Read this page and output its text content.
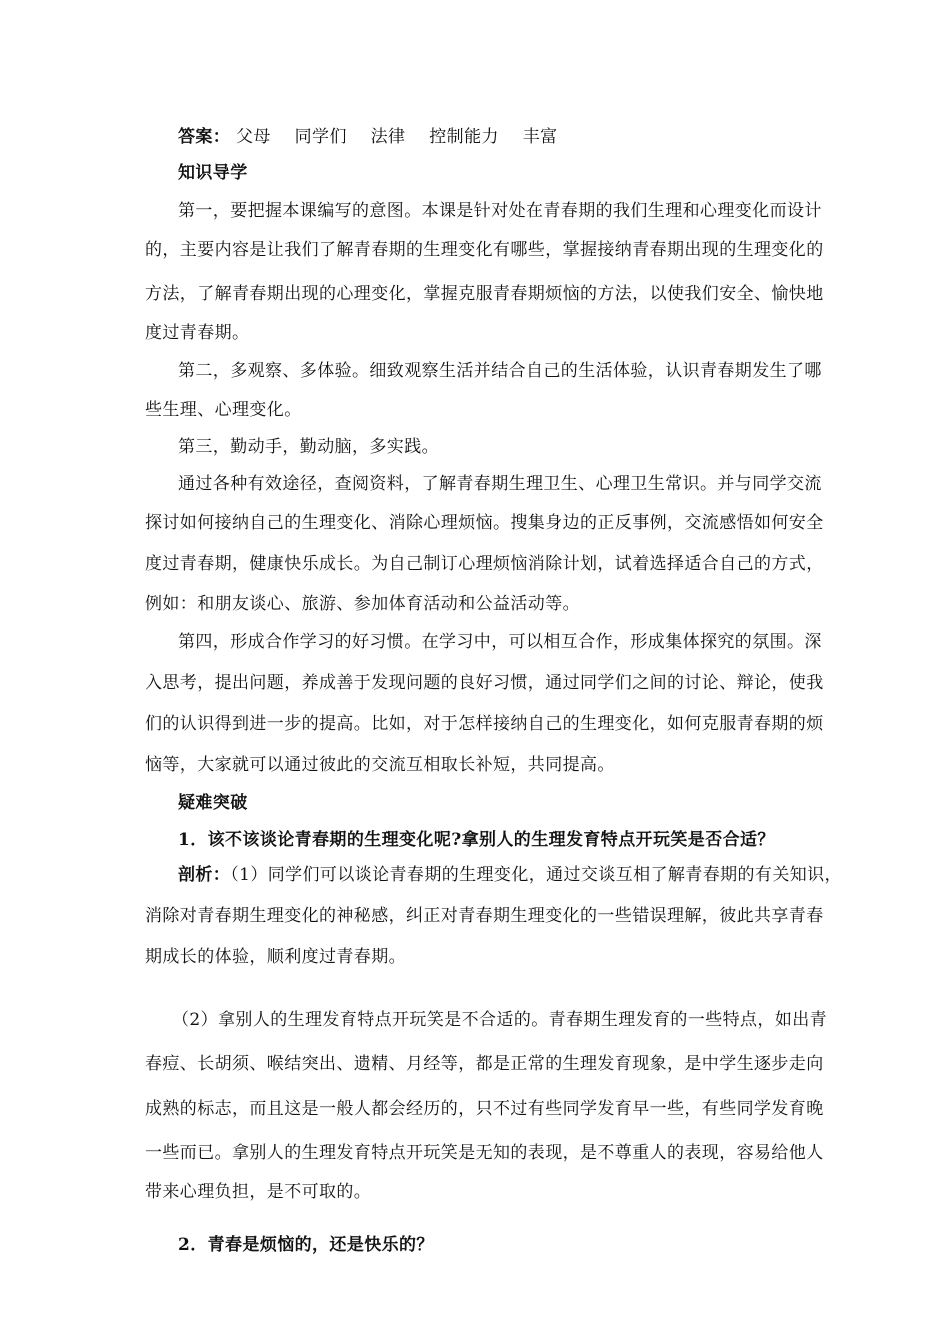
答案： 父母 同学们 法律 控制能力 丰富
知识导学
第一，要把握本课编写的意图。本课是针对处在青春期的我们生理和心理变化而设计
的，主要内容是让我们了解青春期的生理变化有哪些，掌握接纳青春期出现的生理变化的
方法，了解青春期出现的心理变化，掌握克服青春期烦恼的方法，以使我们安全、愉快地
度过青春期。
第二，多观察、多体验。细致观察生活并结合自己的生活体验，认识青春期发生了哪
些生理、心理变化。
第三，勤动手，勤动脑，多实践。
通过各种有效途径，查阅资料，了解青春期生理卫生、心理卫生常识。并与同学交流
探讨如何接纳自己的生理变化、消除心理烦恼。搜集身边的正反事例，交流感悟如何安全
度过青春期，健康快乐成长。为自己制订心理烦恼消除计划，试着选择适合自己的方式，
例如：和朋友谈心、旅游、参加体育活动和公益活动等。
第四，形成合作学习的好习惯。在学习中，可以相互合作，形成集体探究的氛围。深
入思考，提出问题，养成善于发现问题的良好习惯，通过同学们之间的讨论、辩论，使我
们的认识得到进一步的提高。比如，对于怎样接纳自己的生理变化，如何克服青春期的烦
恼等，大家就可以通过彼此的交流互相取长补短，共同提高。
疑难突破
1．该不该谈论青春期的生理变化呢?拿别人的生理发育特点开玩笑是否合适？
剖析：（1）同学们可以谈论青春期的生理变化，通过交谈互相了解青春期的有关知识，
消除对青春期生理变化的神秘感，纠正对青春期生理变化的一些错误理解，彼此共享青春
期成长的体验，顺利度过青春期。
（2）拿别人的生理发育特点开玩笑是不合适的。青春期生理发育的一些特点，如出青
春痘、长胡须、喉结突出、遗精、月经等，都是正常的生理发育现象，是中学生逐步走向
成熟的标志，而且这是一般人都会经历的，只不过有些同学发育早一些，有些同学发育晚
一些而已。拿别人的生理发育特点开玩笑是无知的表现，是不尊重人的表现，容易给他人
带来心理负担，是不可取的。
2．青春是烦恼的，还是快乐的？
